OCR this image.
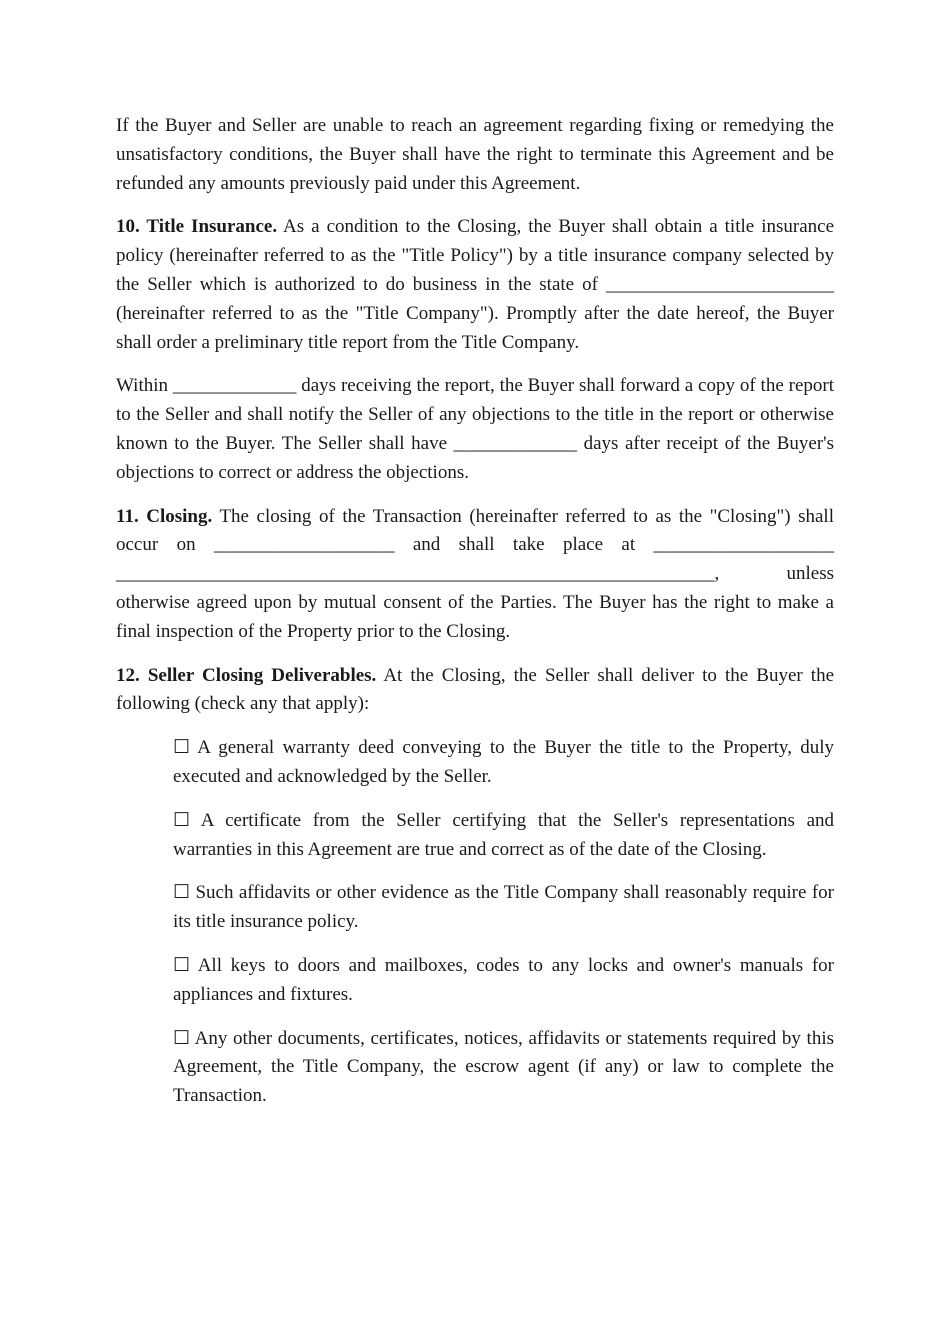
If the Buyer and Seller are unable to reach an agreement regarding fixing or remedying the unsatisfactory conditions, the Buyer shall have the right to terminate this Agreement and be refunded any amounts previously paid under this Agreement.

10. Title Insurance. As a condition to the Closing, the Buyer shall obtain a title insurance policy (hereinafter referred to as the "Title Policy") by a title insurance company selected by the Seller which is authorized to do business in the state of ________________________ (hereinafter referred to as the "Title Company"). Promptly after the date hereof, the Buyer shall order a preliminary title report from the Title Company.

Within _____________ days receiving the report, the Buyer shall forward a copy of the report to the Seller and shall notify the Seller of any objections to the title in the report or otherwise known to the Buyer. The Seller shall have _____________ days after receipt of the Buyer's objections to correct or address the objections.

11. Closing. The closing of the Transaction (hereinafter referred to as the "Closing") shall occur on ___________________ and shall take place at ___________________ _______________________________________________________________, unless otherwise agreed upon by mutual consent of the Parties. The Buyer has the right to make a final inspection of the Property prior to the Closing.

12. Seller Closing Deliverables. At the Closing, the Seller shall deliver to the Buyer the following (check any that apply):

☐ A general warranty deed conveying to the Buyer the title to the Property, duly executed and acknowledged by the Seller.

☐ A certificate from the Seller certifying that the Seller's representations and warranties in this Agreement are true and correct as of the date of the Closing.

☐ Such affidavits or other evidence as the Title Company shall reasonably require for its title insurance policy.

☐ All keys to doors and mailboxes, codes to any locks and owner's manuals for appliances and fixtures.

☐ Any other documents, certificates, notices, affidavits or statements required by this Agreement, the Title Company, the escrow agent (if any) or law to complete the Transaction.
